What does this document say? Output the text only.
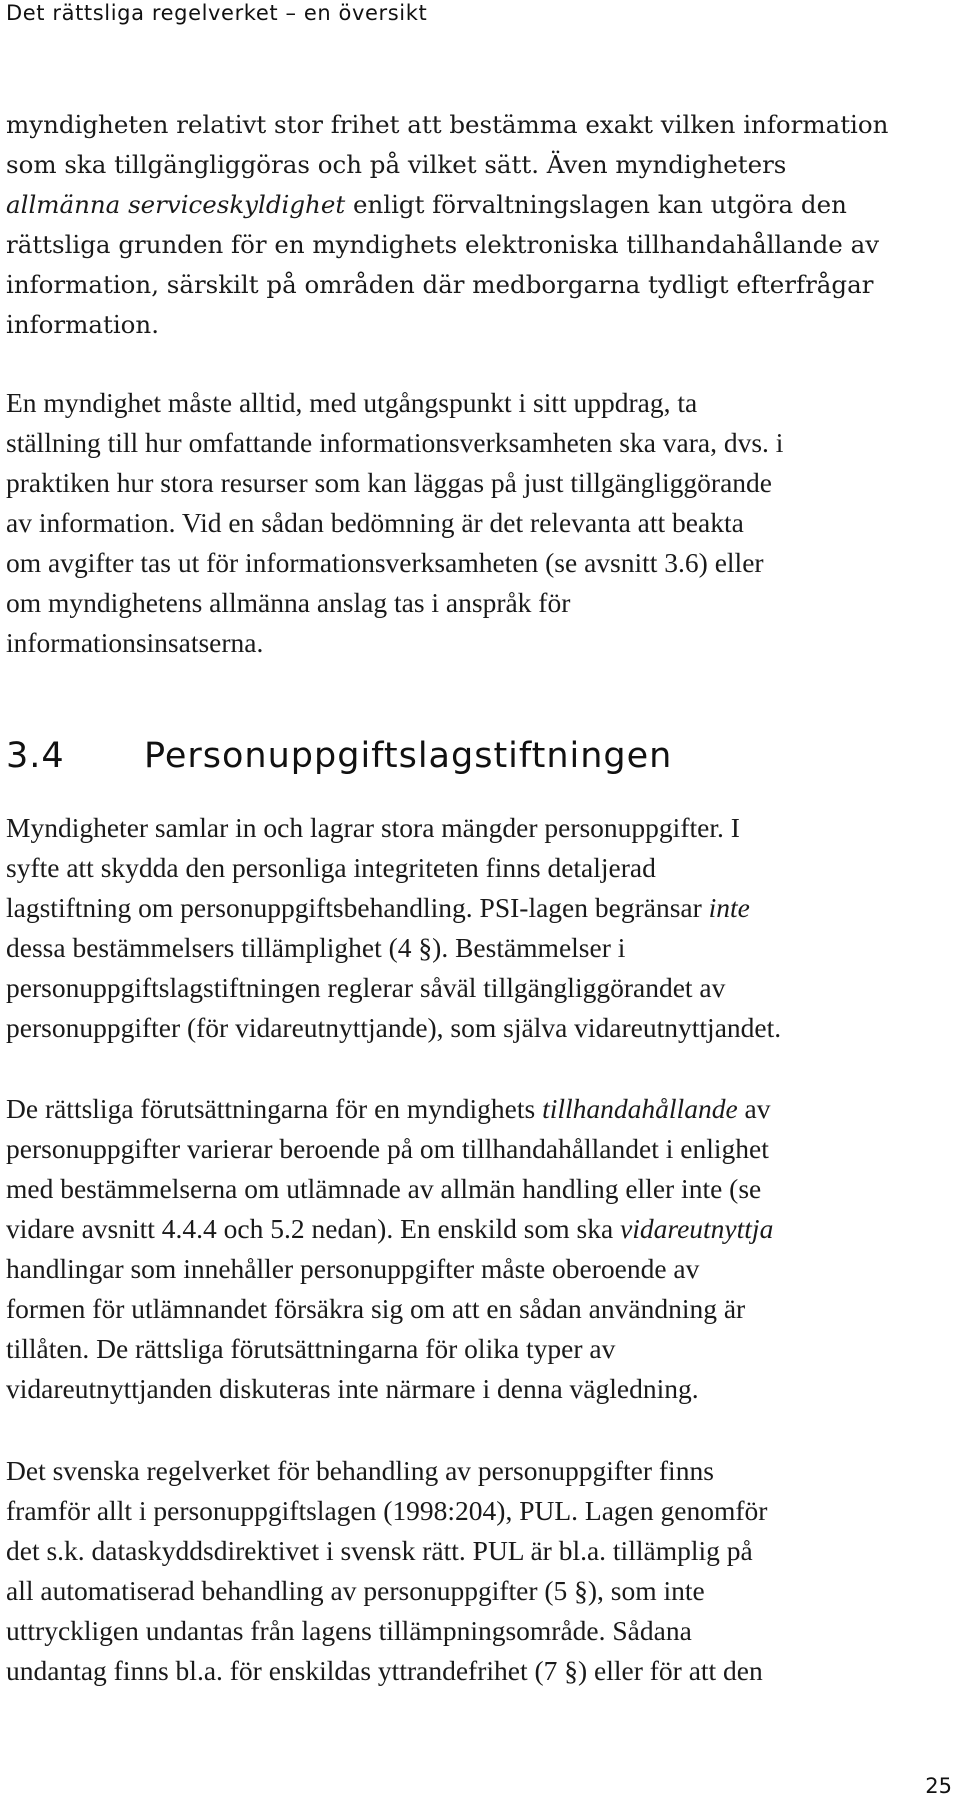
Det rättsliga regelverket – en översikt
myndigheten relativt stor frihet att bestämma exakt vilken information
som ska tillgängliggöras och på vilket sätt. Även myndigheters
allmänna serviceskyldighet enligt förvaltningslagen kan utgöra den
rättsliga grunden för en myndighets elektroniska tillhandahållande av
information, särskilt på områden där medborgarna tydligt efterfrågar
information.
En myndighet måste alltid, med utgångspunkt i sitt uppdrag, ta
ställning till hur omfattande informationsverksamheten ska vara, dvs. i
praktiken hur stora resurser som kan läggas på just tillgängliggörande
av information. Vid en sådan bedömning är det relevanta att beakta
om avgifter tas ut för informationsverksamheten (se avsnitt 3.6) eller
om myndighetens allmänna anslag tas i anspråk för
informationsinsatserna.
3.4 Personuppgiftslagstiftningen
Myndigheter samlar in och lagrar stora mängder personuppgifter. I
syfte att skydda den personliga integriteten finns detaljerad
lagstiftning om personuppgiftsbehandling. PSI-lagen begränsar inte
dessa bestämmelsers tillämplighet (4 §). Bestämmelser i
personuppgiftslagstiftningen reglerar såväl tillgängliggörandet av
personuppgifter (för vidareutnyttjande), som själva vidareutnyttjandet.
De rättsliga förutsättningarna för en myndighets tillhandahållande av
personuppgifter varierar beroende på om tillhandahållandet i enlighet
med bestämmelserna om utlämnade av allmän handling eller inte (se
vidare avsnitt 4.4.4 och 5.2 nedan). En enskild som ska vidareutnyttja
handlingar som innehåller personuppgifter måste oberoende av
formen för utlämnandet försäkra sig om att en sådan användning är
tillåten. De rättsliga förutsättningarna för olika typer av
vidareutnyttjanden diskuteras inte närmare i denna vägledning.
Det svenska regelverket för behandling av personuppgifter finns
framför allt i personuppgiftslagen (1998:204), PUL. Lagen genomför
det s.k. dataskyddsdirektivet i svensk rätt. PUL är bl.a. tillämplig på
all automatiserad behandling av personuppgifter (5 §), som inte
uttryckligen undantas från lagens tillämpningsområde. Sådana
undantag finns bl.a. för enskildas yttrandefrihet (7 §) eller för att den
25
